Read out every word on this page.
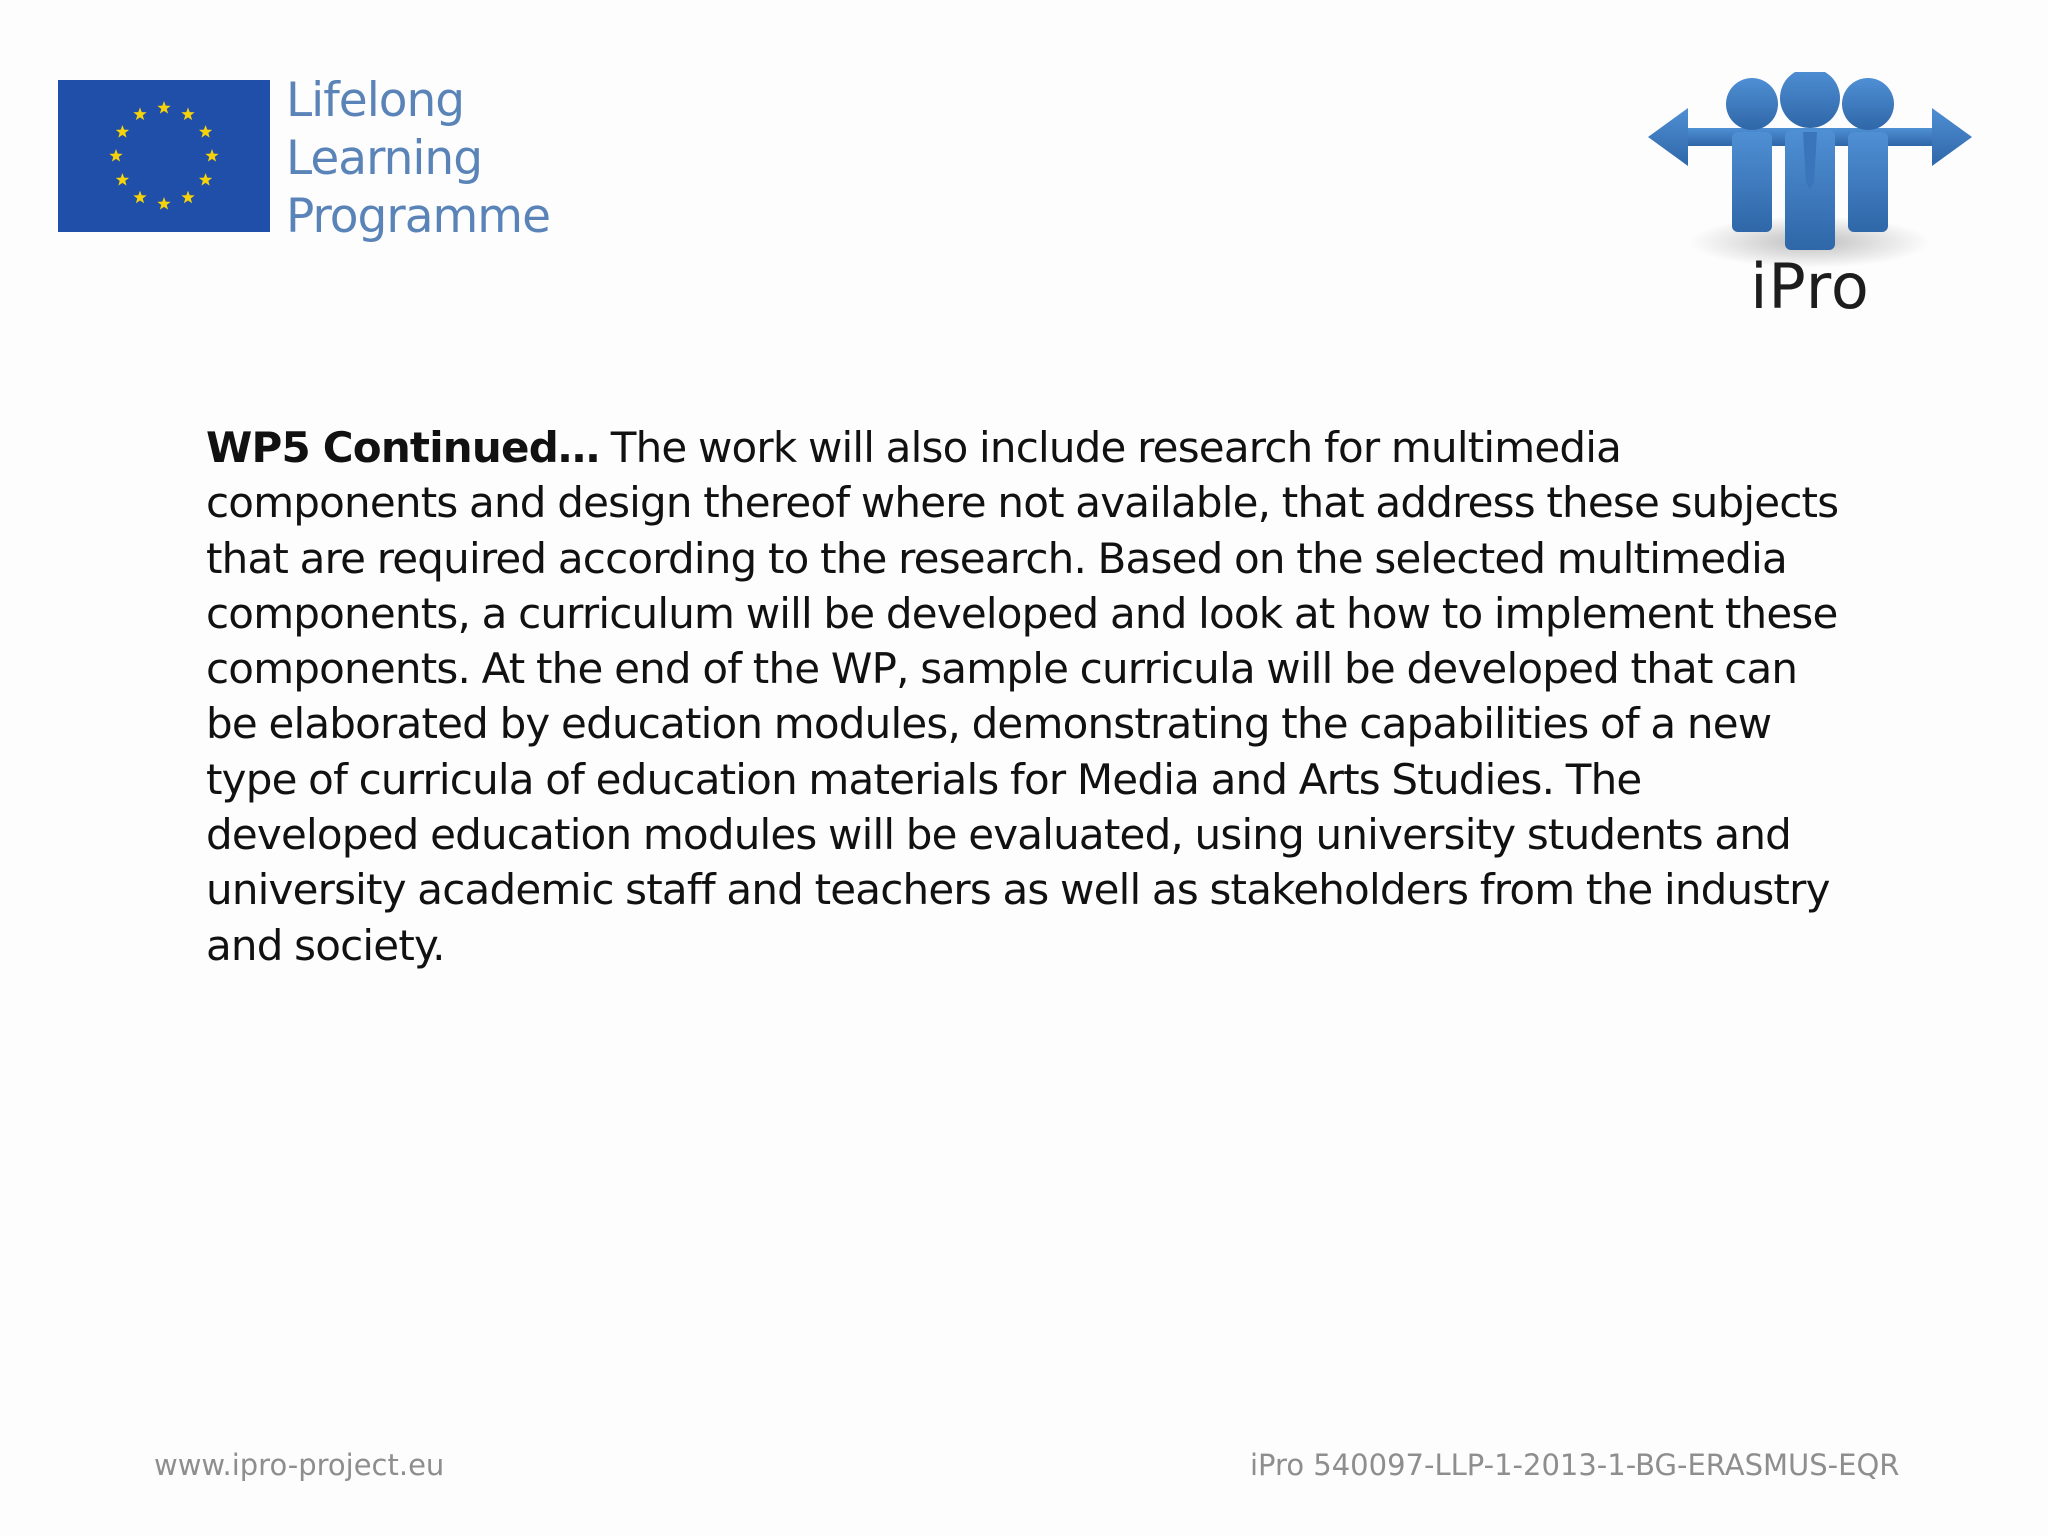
Lifelong
Learning
Programme
iPro
WP5 Continued… The work will also include research for multimedia components and design thereof where not available, that address these subjects that are required according to the research. Based on the selected multimedia components, a curriculum will be developed and look at how to implement these components. At the end of the WP, sample curricula will be developed that can be elaborated by education modules, demonstrating the capabilities of a new type of curricula of education materials for Media and Arts Studies. The developed education modules will be evaluated, using university students and university academic staff and teachers as well as stakeholders from the industry and society.
www.ipro-project.eu	iPro 540097-LLP-1-2013-1-BG-ERASMUS-EQR
